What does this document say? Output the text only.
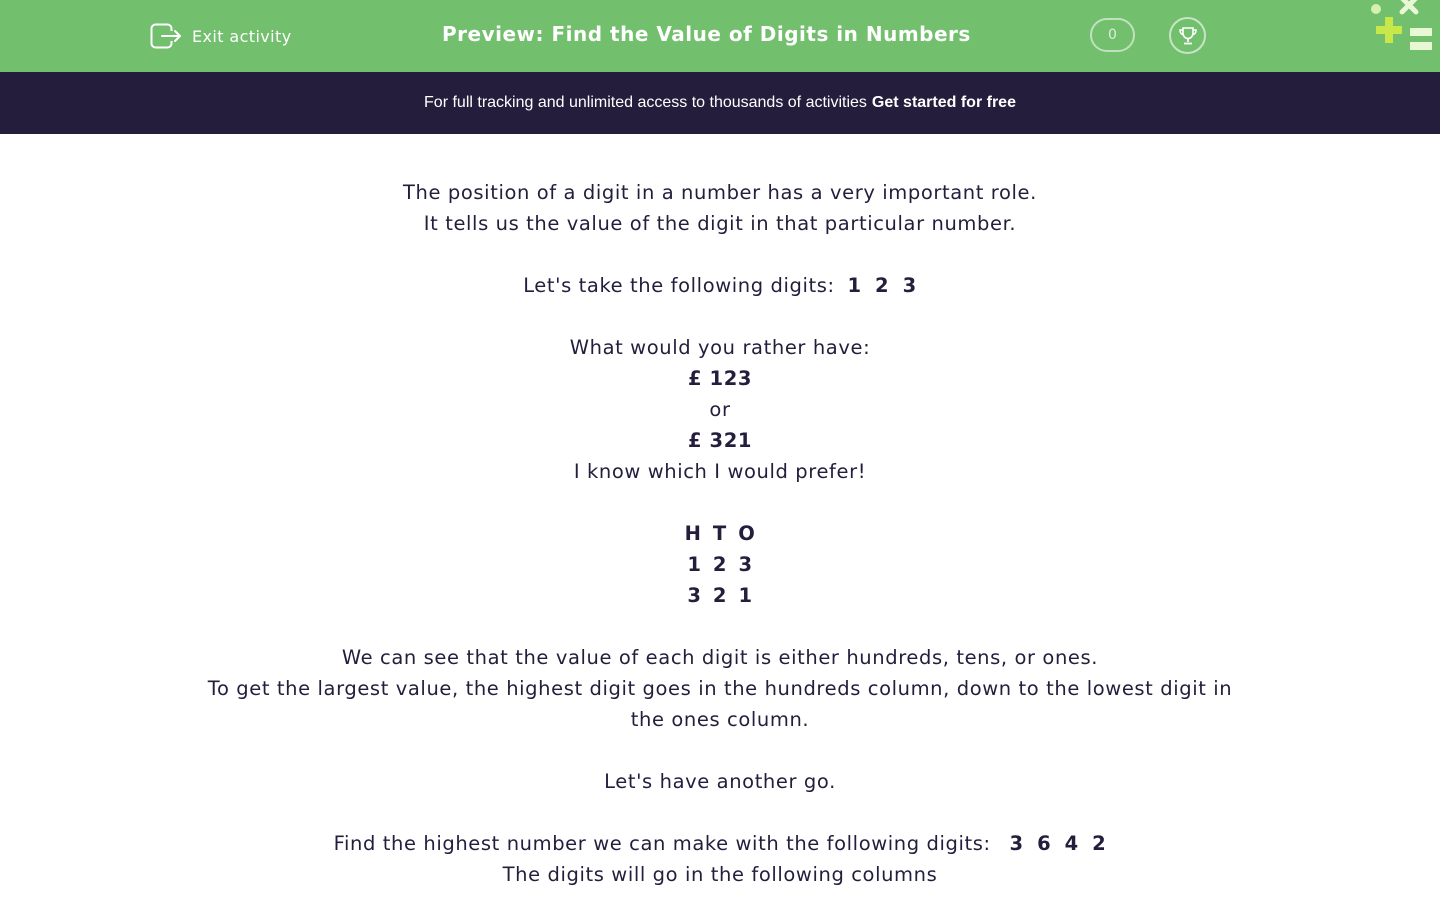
Exit activity	Preview: Find the Value of Digits in Numbers	0
For full tracking and unlimited access to thousands of activities Get started for free

The position of a digit in a number has a very important role.

It tells us the value of the digit in that particular number.

Let's take the following digits: 1 2 3

What would you rather have:

£ 123

or

£ 321

I know which I would prefer!

H T O

1 2 3

3 2 1

We can see that the value of each digit is either hundreds, tens, or ones.

To get the largest value, the highest digit goes in the hundreds column, down to the lowest digit in the ones column.

Let's have another go.

Find the highest number we can make with the following digits: 3 6 4 2

The digits will go in the following columns
